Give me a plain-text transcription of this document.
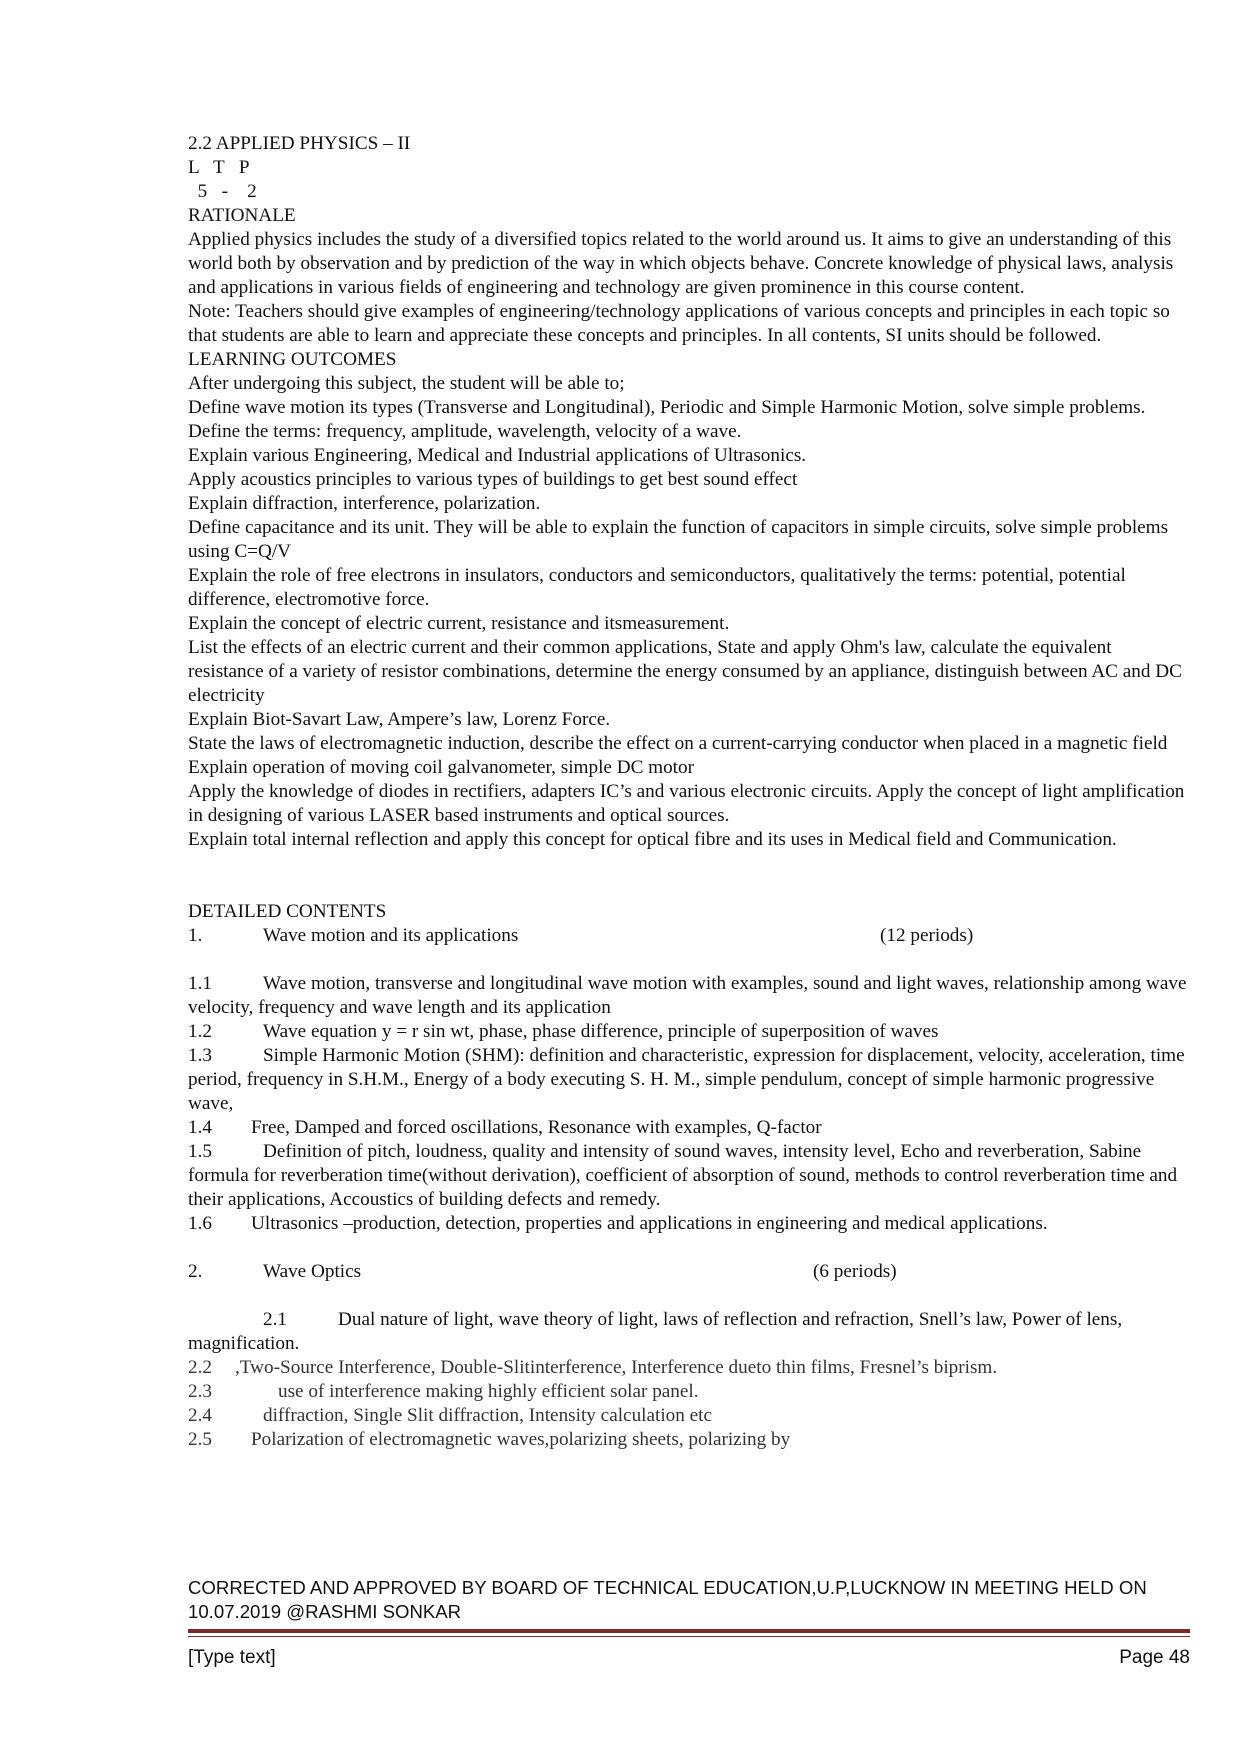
2.2 APPLIED PHYSICS – II

L   T   P

5   -    2

RATIONALE

Applied physics includes the study of a diversified topics related to the world around us. It aims to give an understanding of this world both by observation and by prediction of the way in which objects behave. Concrete knowledge of physical laws, analysis and applications in various fields of engineering and technology are given prominence in this course content.

Note: Teachers should give examples of engineering/technology applications of various concepts and principles in each topic so that students are able to learn and appreciate these concepts and principles. In all contents, SI units should be followed.

LEARNING OUTCOMES

After undergoing this subject, the student will be able to;

Define wave motion its types (Transverse and Longitudinal), Periodic and Simple Harmonic Motion, solve simple problems.

Define the terms: frequency, amplitude, wavelength, velocity of a wave.

Explain various Engineering, Medical and Industrial applications of Ultrasonics.

Apply acoustics principles to various types of buildings to get best sound effect

Explain diffraction, interference, polarization.

Define capacitance and its unit. They will be able to explain the function of capacitors in simple circuits, solve simple problems using C=Q/V

Explain the role of free electrons in insulators, conductors and semiconductors, qualitatively the terms: potential, potential difference, electromotive force.

Explain the concept of electric current, resistance and itsmeasurement.

List the effects of an electric current and their common applications, State and apply Ohm's law, calculate the equivalent resistance of a variety of resistor combinations, determine the energy consumed by an appliance, distinguish between AC and DC electricity

Explain Biot-Savart Law, Ampere’s law, Lorenz Force.

State the laws of electromagnetic induction, describe the effect on a current-carrying conductor when placed in a magnetic field

Explain operation of moving coil galvanometer, simple DC motor

Apply the knowledge of diodes in rectifiers, adapters IC’s and various electronic circuits. Apply the concept of light amplification in designing of various LASER based instruments and optical sources.

Explain total internal reflection and apply this concept for optical fibre and its uses in Medical field and Communication.

DETAILED CONTENTS

1.	Wave motion and its applications	(12 periods)

1.1	Wave motion, transverse and longitudinal wave motion with examples, sound and light waves, relationship among wave velocity, frequency and wave length and its application

1.2	Wave equation y = r sin wt, phase, phase difference, principle of superposition of waves

1.3	Simple Harmonic Motion (SHM): definition and characteristic, expression for displacement, velocity, acceleration, time period, frequency in S.H.M., Energy of a body executing S. H. M., simple pendulum, concept of simple harmonic progressive wave,

1.4 Free, Damped and forced oscillations, Resonance with examples, Q-factor

1.5	Definition of pitch, loudness, quality and intensity of sound waves, intensity level, Echo and reverberation, Sabine formula for reverberation time(without derivation), coefficient of absorption of sound, methods to control reverberation time and their applications, Accoustics of building defects and remedy.

1.6 Ultrasonics –production, detection, properties and applications in engineering and medical applications.

2.	Wave Optics	(6 periods)

2.1	Dual nature of light, wave theory of light, laws of reflection and refraction, Snell’s law, Power of lens, magnification.

2.2 ,Two-Source Interference, Double-Slitinterference, Interference dueto thin films, Fresnel’s biprism.

2.3	use of interference making highly efficient solar panel.

2.4	diffraction, Single Slit diffraction, Intensity calculation etc

2.5 Polarization of electromagnetic waves,polarizing sheets, polarizing by

CORRECTED AND APPROVED BY BOARD OF TECHNICAL EDUCATION,U.P,LUCKNOW IN MEETING HELD ON
10.07.2019 @RASHMI SONKAR
[Type text]	Page 48
